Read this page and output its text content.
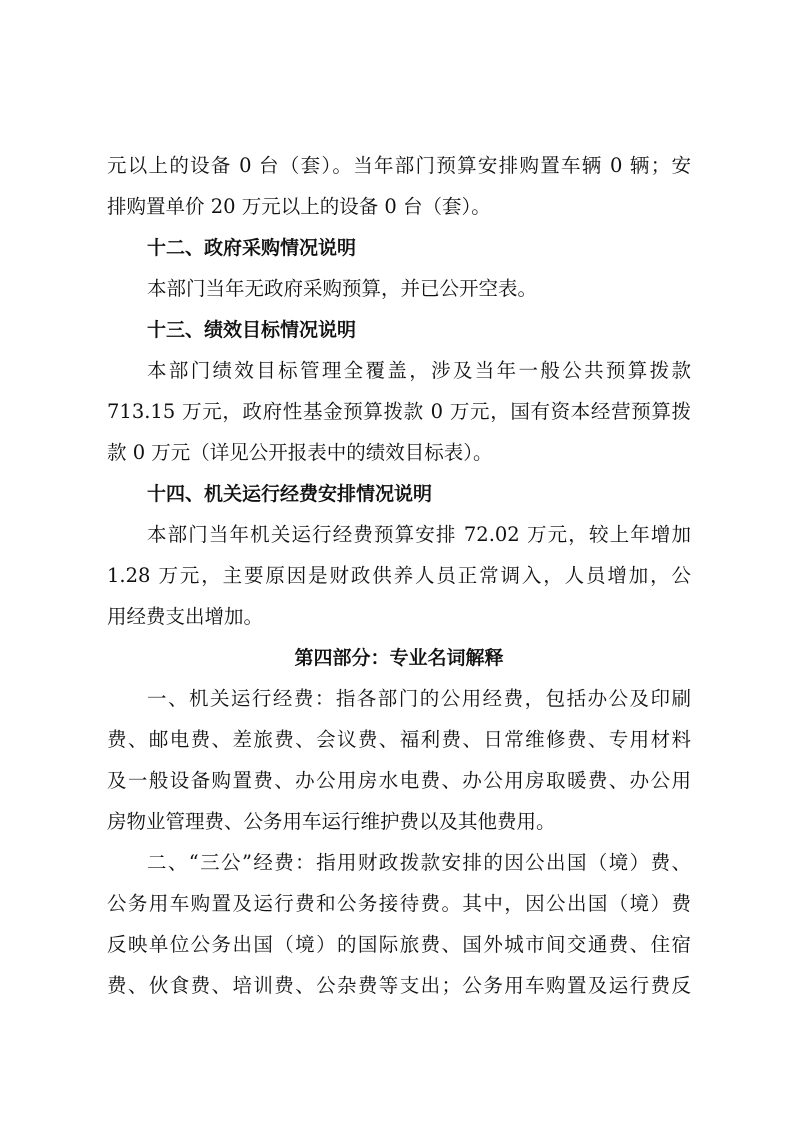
元以上的设备 0 台（套）。当年部门预算安排购置车辆 0 辆；安
排购置单价 20 万元以上的设备 0 台（套）。
十二、政府采购情况说明
本部门当年无政府采购预算，并已公开空表。
十三、绩效目标情况说明
本部门绩效目标管理全覆盖，涉及当年一般公共预算拨款
713.15 万元，政府性基金预算拨款 0 万元，国有资本经营预算拨
款 0 万元（详见公开报表中的绩效目标表）。
十四、机关运行经费安排情况说明
本部门当年机关运行经费预算安排 72.02 万元，较上年增加
1.28 万元，主要原因是财政供养人员正常调入，人员增加，公
用经费支出增加。
第四部分：专业名词解释
一、机关运行经费：指各部门的公用经费，包括办公及印刷
费、邮电费、差旅费、会议费、福利费、日常维修费、专用材料
及一般设备购置费、办公用房水电费、办公用房取暖费、办公用
房物业管理费、公务用车运行维护费以及其他费用。
二、“三公”经费：指用财政拨款安排的因公出国（境）费、
公务用车购置及运行费和公务接待费。其中，因公出国（境）费
反映单位公务出国（境）的国际旅费、国外城市间交通费、住宿
费、伙食费、培训费、公杂费等支出；公务用车购置及运行费反
